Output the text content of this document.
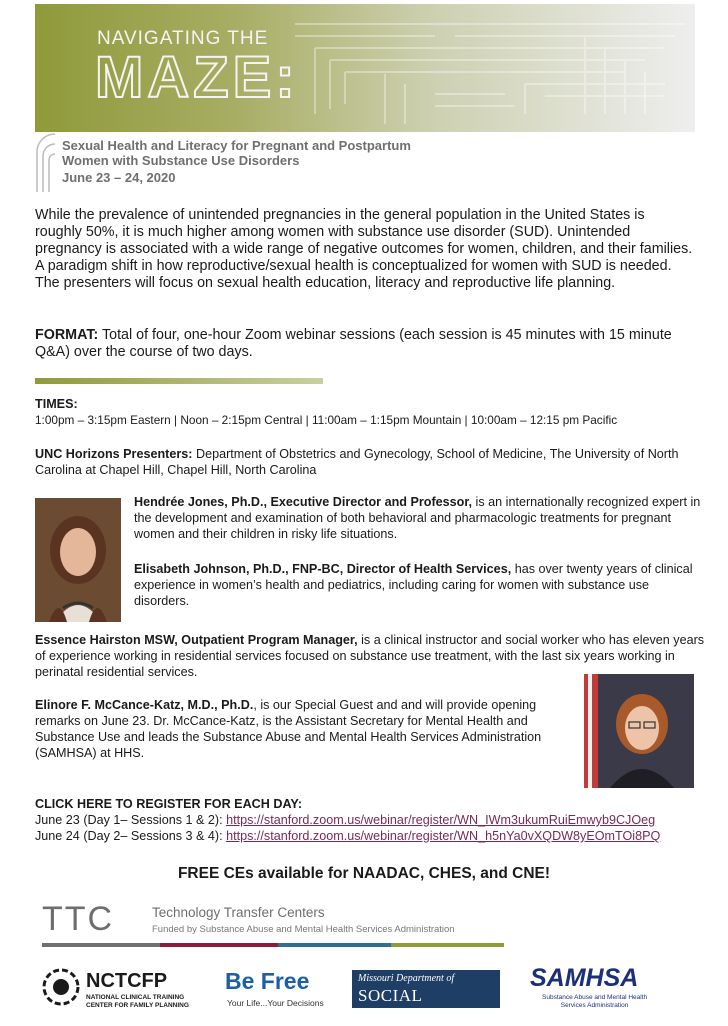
NAVIGATING THE
MAZE:
Sexual Health and Literacy for Pregnant and Postpartum
Women with Substance Use Disorders
June 23 – 24, 2020
While the prevalence of unintended pregnancies in the general population in the United States is roughly 50%, it is much higher among women with substance use disorder (SUD). Unintended pregnancy is associated with a wide range of negative outcomes for women, children, and their families. A paradigm shift in how reproductive/sexual health is conceptualized for women with SUD is needed. The presenters will focus on sexual health education, literacy and reproductive life planning.
FORMAT: Total of four, one-hour Zoom webinar sessions (each session is 45 minutes with 15 minute Q&A) over the course of two days.
TIMES:
1:00pm – 3:15pm Eastern | Noon – 2:15pm Central | 11:00am – 1:15pm Mountain | 10:00am – 12:15 pm Pacific
UNC Horizons Presenters: Department of Obstetrics and Gynecology, School of Medicine, The University of North Carolina at Chapel Hill, Chapel Hill, North Carolina
Hendrée Jones, Ph.D., Executive Director and Professor, is an internationally recognized expert in the development and examination of both behavioral and pharmacologic treatments for pregnant women and their children in risky life situations.
Elisabeth Johnson, Ph.D., FNP-BC, Director of Health Services, has over twenty years of clinical experience in women’s health and pediatrics, including caring for women with substance use disorders.
Essence Hairston MSW, Outpatient Program Manager, is a clinical instructor and social worker who has eleven years of experience working in residential services focused on substance use treatment, with the last six years working in perinatal residential services.
Elinore F. McCance-Katz, M.D., Ph.D., is our Special Guest and and will provide opening remarks on June 23. Dr. McCance-Katz, is the Assistant Secretary for Mental Health and Substance Use and leads the Substance Abuse and Mental Health Services Administration (SAMHSA) at HHS.
CLICK HERE TO REGISTER FOR EACH DAY:
June 23 (Day 1– Sessions 1 & 2): https://stanford.zoom.us/webinar/register/WN_IWm3ukumRuiEmwyb9CJOeg
June 24 (Day 2– Sessions 3 & 4): https://stanford.zoom.us/webinar/register/WN_h5nYa0vXQDW8yEOmTOi8PQ
FREE CEs available for NAADAC, CHES, and CNE!
TTC	Technology Transfer Centers
Funded by Substance Abuse and Mental Health Services Administration
NCTCFP
NATIONAL CLINICAL TRAINING
CENTER FOR FAMILY PLANNING
Be Free
Your Life...Your Decisions
Missouri Department of
SOCIAL SERVICES
SAMHSA
Substance Abuse and Mental Health
Services Administration
